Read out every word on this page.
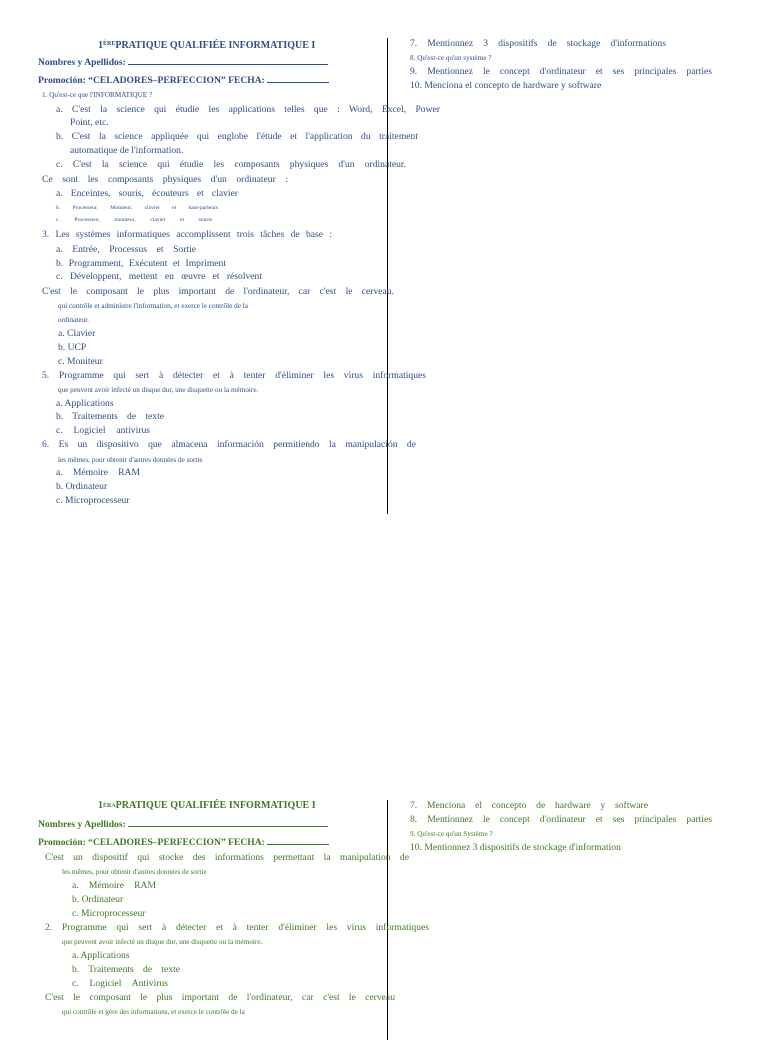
1ÈREPRATIQUE QUALIFIÉE INFORMATIQUE I
Nombres y Apellidos:
Promoción: “CELADORES–PERFECCION” FECHA:
1. Qu'est-ce que l'INFORMATIQUE ?
a. C'est la science qui étudie les applications telles que : Word, Excel, Power
Point, etc.
b. C'est la science appliquée qui englobe l'étude et l'application du traitement
automatique de l'information.
c. C'est la science qui étudie les composants physiques d'un ordinateur.
Ce sont les composants physiques d'un ordinateur :
a. Enceintes, souris, écouteurs et clavier
b. Processeur, Moniteur, clavier et haut-parleurs
c. Processeur, moniteur, clavier et souris
3. Les systèmes informatiques accomplissent trois tâches de base :
a. Entrée, Processus et Sortie
b. Programment, Exécutent et Impriment
c. Développent, mettent en œuvre et résolvent
C'est le composant le plus important de l'ordinateur, car c'est le cerveau.
qui contrôle et administre l'information, et exerce le contrôle de la
ordinateur.
a. Clavier
b. UCP
c. Moniteur
5. Programme qui sert à détecter et à tenter d'éliminer les virus informatiques
que peuvent avoir infecté un disque dur, une disquette ou la mémoire.
a. Applications
b. Traitements de texte
c. Logiciel antivirus
6. Es un dispositivo que almacena información permitiendo la manipulación de
les mêmes, pour obtenir d'autres données de sortie
a. Mémoire RAM
b. Ordinateur
c. Microprocesseur
7. Mentionnez 3 dispositifs de stockage d'informations
8. Qu'est-ce qu'un système ?
9. Mentionnez le concept d'ordinateur et ses principales parties
10. Menciona el concepto de hardware y software
$1^{ÈRA}PRATIQUE$ QUALIFIÉE INFORMATIQUE I
Nombres y Apellidos:
Promoción: “CELADORES–PERFECCION” FECHA:
C'est un dispositif qui stocke des informations permettant la manipulation de
les mêmes, pour obtenir d'autres données de sortie
a. Mémoire RAM
b. Ordinateur
c. Microprocesseur
2. Programme qui sert à détecter et à tenter d'éliminer les virus informatiques
que peuvent avoir infecté un disque dur, une disquette ou la mémoire.
a. Applications
b. Traitements de texte
c. Logiciel Antivirus
C'est le composant le plus important de l'ordinateur, car c'est le cerveau
qui contrôle et gère des informations, et exerce le contrôle de la
7. Menciona el concepto de hardware y software
8. Mentionnez le concept d'ordinateur et ses principales parties
9. Qu'est-ce qu'un Système ?
10. Mentionnez 3 dispositifs de stockage d'information
